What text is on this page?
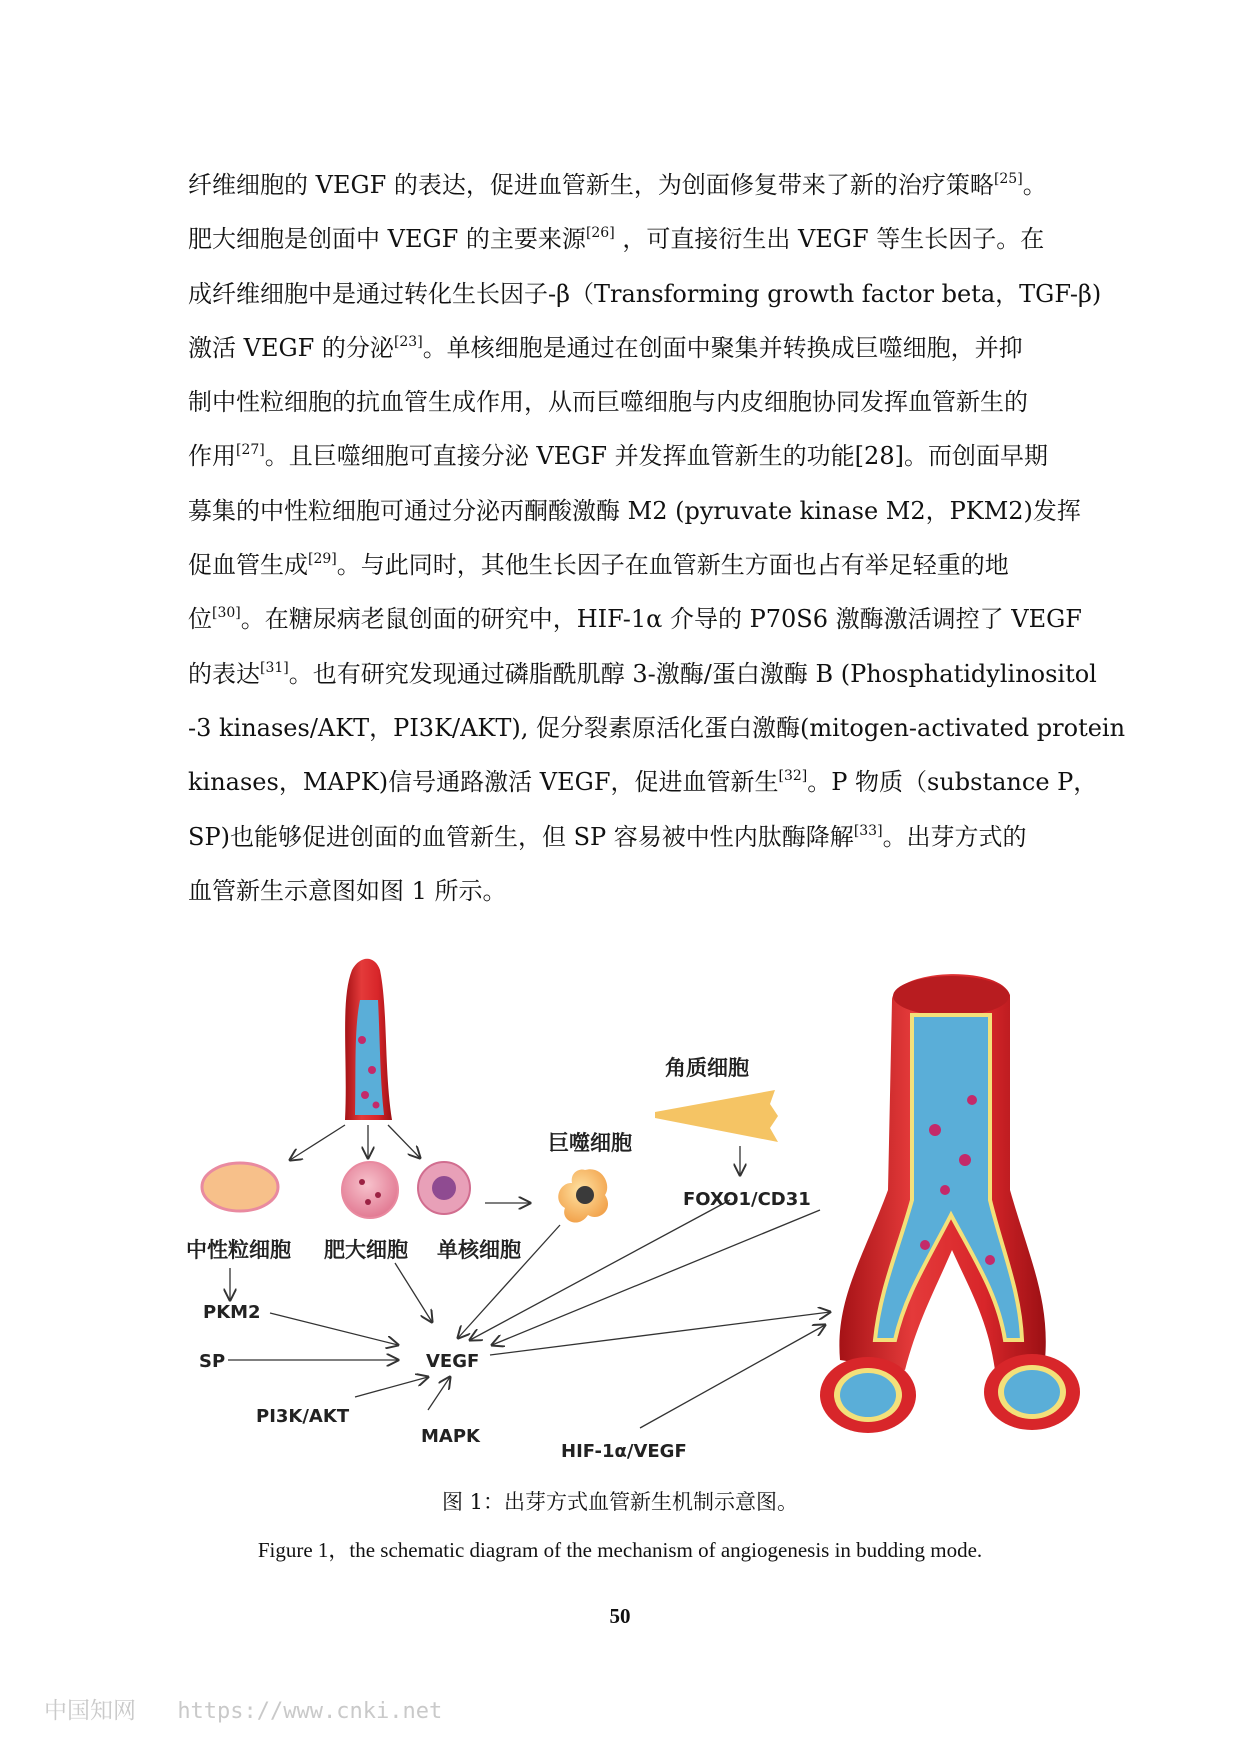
纤维细胞的 VEGF 的表达，促进血管新生，为创面修复带来了新的治疗策略[25]。
肥大细胞是创面中 VEGF 的主要来源[26] ，可直接衍生出 VEGF 等生长因子。在
成纤维细胞中是通过转化生长因子-β（Transforming growth factor beta，TGF-β)
激活 VEGF 的分泌[23]。单核细胞是通过在创面中聚集并转换成巨噬细胞，并抑
制中性粒细胞的抗血管生成作用，从而巨噬细胞与内皮细胞协同发挥血管新生的
作用[27]。且巨噬细胞可直接分泌 VEGF 并发挥血管新生的功能[28]。而创面早期
募集的中性粒细胞可通过分泌丙酮酸激酶 M2 (pyruvate kinase M2，PKM2)发挥
促血管生成[29]。与此同时，其他生长因子在血管新生方面也占有举足轻重的地
位[30]。在糖尿病老鼠创面的研究中，HIF-1α 介导的 P70S6 激酶激活调控了 VEGF
的表达[31]。也有研究发现通过磷脂酰肌醇 3-激酶/蛋白激酶 B (Phosphatidylinositol
-3 kinases/AKT，PI3K/AKT), 促分裂素原活化蛋白激酶(mitogen-activated protein
kinases，MAPK)信号通路激活 VEGF，促进血管新生[32]。P 物质（substance P，
SP)也能够促进创面的血管新生，但 SP 容易被中性内肽酶降解[33]。出芽方式的
血管新生示意图如图 1 所示。
角质细胞
巨噬细胞
FOXO1/CD31
中性粒细胞 肥大细胞 单核细胞
PKM2
SP	VEGF
PI3K/AKT
MAPK
HIF-1α/VEGF

图 1：出芽方式血管新生机制示意图。

Figure 1，the schematic diagram of the mechanism of angiogenesis in budding mode.

50
中国知网 https://www.cnki.net
